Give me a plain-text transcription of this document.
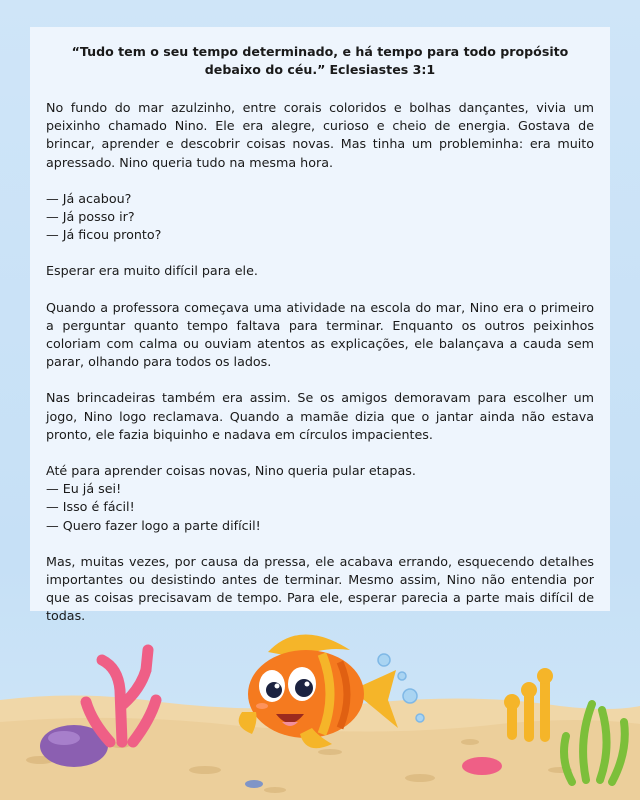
“Tudo tem o seu tempo determinado, e há tempo para todo propósito
debaixo do céu.” Eclesiastes 3:1

No fundo do mar azulzinho, entre corais coloridos e bolhas dançantes, vivia um peixinho chamado Nino. Ele era alegre, curioso e cheio de energia. Gostava de brincar, aprender e descobrir coisas novas. Mas tinha um probleminha: era muito apressado. Nino queria tudo na mesma hora.

— Já acabou?
— Já posso ir?
— Já ficou pronto?

Esperar era muito difícil para ele.

Quando a professora começava uma atividade na escola do mar, Nino era o primeiro a perguntar quanto tempo faltava para terminar. Enquanto os outros peixinhos coloriam com calma ou ouviam atentos as explicações, ele balançava a cauda sem parar, olhando para todos os lados.

Nas brincadeiras também era assim. Se os amigos demoravam para escolher um jogo, Nino logo reclamava. Quando a mamãe dizia que o jantar ainda não estava pronto, ele fazia biquinho e nadava em círculos impacientes.

Até para aprender coisas novas, Nino queria pular etapas.
— Eu já sei!
— Isso é fácil!
— Quero fazer logo a parte difícil!

Mas, muitas vezes, por causa da pressa, ele acabava errando, esquecendo detalhes importantes ou desistindo antes de terminar. Mesmo assim, Nino não entendia por que as coisas precisavam de tempo. Para ele, esperar parecia a parte mais difícil de todas.
